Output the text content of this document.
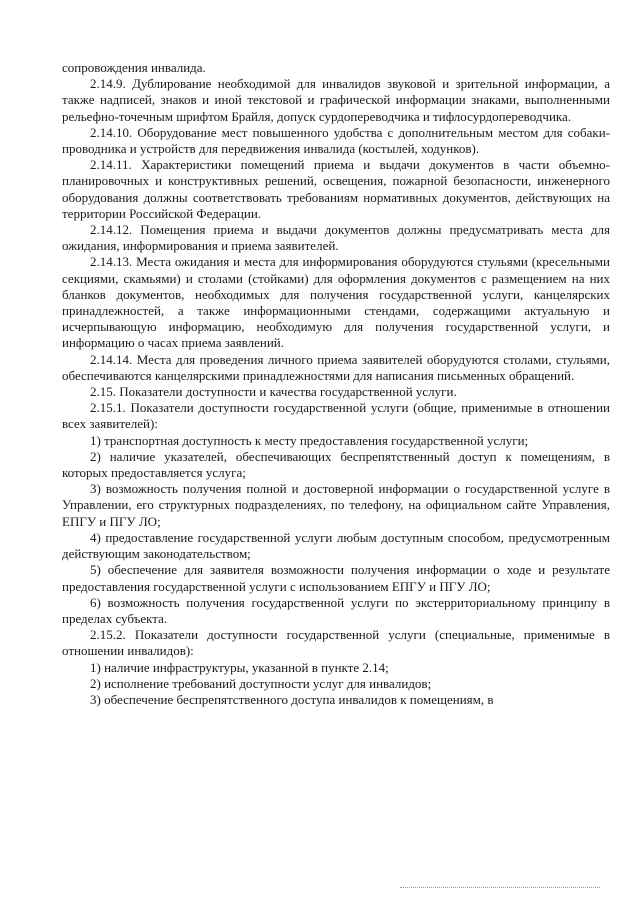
сопровождения инвалида.

2.14.9. Дублирование необходимой для инвалидов звуковой и зрительной информации, а также надписей, знаков и иной текстовой и графической информации знаками, выполненными рельефно-точечным шрифтом Брайля, допуск сурдопереводчика и тифлосурдопереводчика.

2.14.10. Оборудование мест повышенного удобства с дополнительным местом для собаки-проводника и устройств для передвижения инвалида (костылей, ходунков).

2.14.11. Характеристики помещений приема и выдачи документов в части объемно-планировочных и конструктивных решений, освещения, пожарной безопасности, инженерного оборудования должны соответствовать требованиям нормативных документов, действующих на территории Российской Федерации.

2.14.12. Помещения приема и выдачи документов должны предусматривать места для ожидания, информирования и приема заявителей.

2.14.13. Места ожидания и места для информирования оборудуются стульями (кресельными секциями, скамьями) и столами (стойками) для оформления документов с размещением на них бланков документов, необходимых для получения государственной услуги, канцелярских принадлежностей, а также информационными стендами, содержащими актуальную и исчерпывающую информацию, необходимую для получения государственной услуги, и информацию о часах приема заявлений.

2.14.14. Места для проведения личного приема заявителей оборудуются столами, стульями, обеспечиваются канцелярскими принадлежностями для написания письменных обращений.

2.15. Показатели доступности и качества государственной услуги.

2.15.1. Показатели доступности государственной услуги (общие, применимые в отношении всех заявителей):

1) транспортная доступность к месту предоставления государственной услуги;

2) наличие указателей, обеспечивающих беспрепятственный доступ к помещениям, в которых предоставляется услуга;

3) возможность получения полной и достоверной информации о государственной услуге в Управлении, его структурных подразделениях, по телефону, на официальном сайте Управления, ЕПГУ и ПГУ ЛО;

4) предоставление государственной услуги любым доступным способом, предусмотренным действующим законодательством;

5) обеспечение для заявителя возможности получения информации о ходе и результате предоставления государственной услуги с использованием ЕПГУ и ПГУ ЛО;

6) возможность получения государственной услуги по экстерриториальному принципу в пределах субъекта.

2.15.2. Показатели доступности государственной услуги (специальные, применимые в отношении инвалидов):

1) наличие инфраструктуры, указанной в пункте 2.14;

2) исполнение требований доступности услуг для инвалидов;

3) обеспечение беспрепятственного доступа инвалидов к помещениям, в
